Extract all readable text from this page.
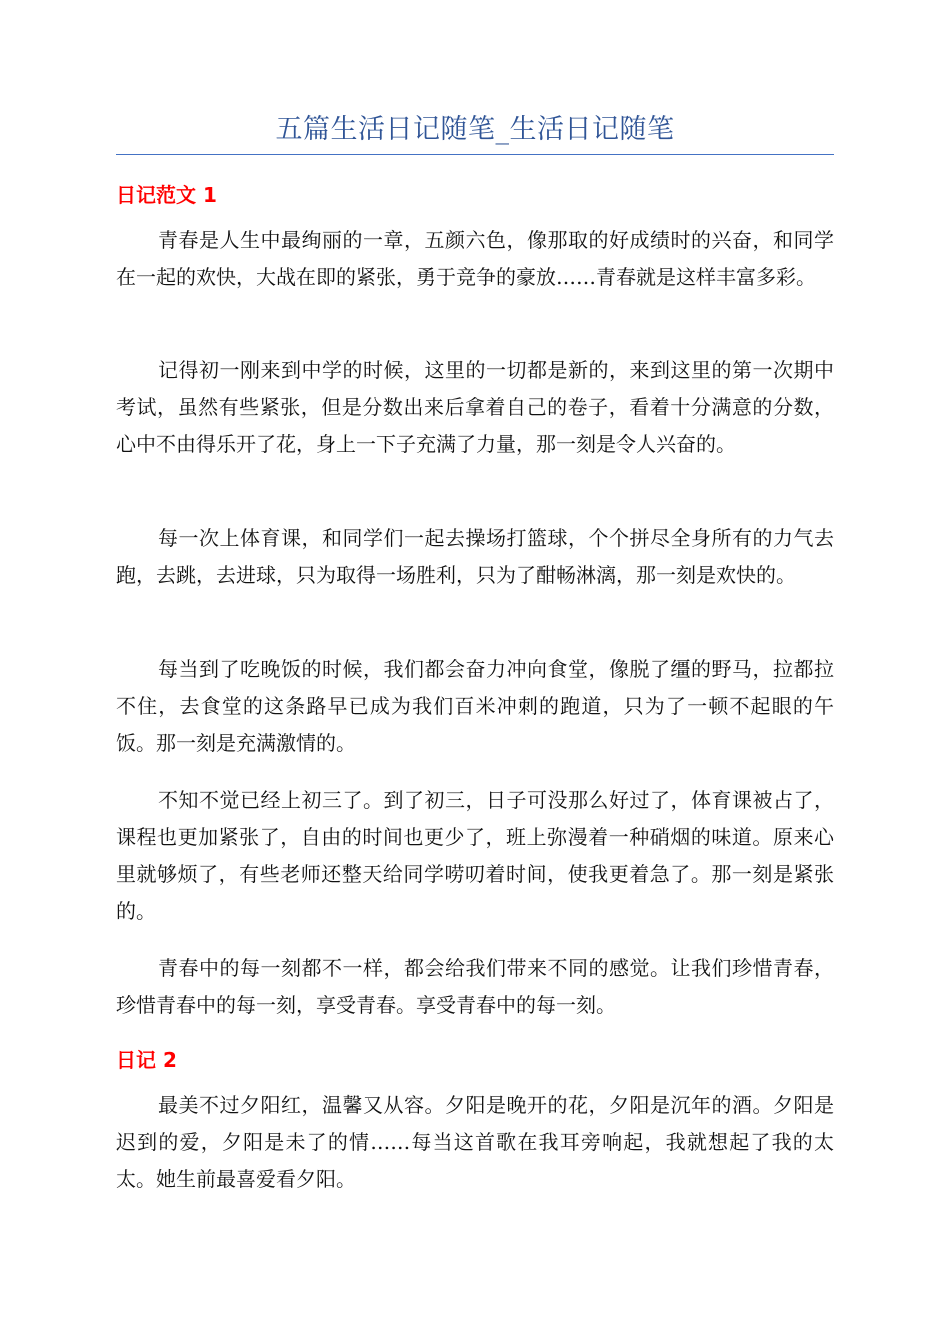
五篇生活日记随笔_生活日记随笔
日记范文 1

青春是人生中最绚丽的一章，五颜六色，像那取的好成绩时的兴奋，和同学在一起的欢快，大战在即的紧张，勇于竞争的豪放……青春就是这样丰富多彩。

记得初一刚来到中学的时候，这里的一切都是新的，来到这里的第一次期中考试，虽然有些紧张，但是分数出来后拿着自己的卷子，看着十分满意的分数，心中不由得乐开了花，身上一下子充满了力量，那一刻是令人兴奋的。

每一次上体育课，和同学们一起去操场打篮球，个个拼尽全身所有的力气去跑，去跳，去进球，只为取得一场胜利，只为了酣畅淋漓，那一刻是欢快的。

每当到了吃晚饭的时候，我们都会奋力冲向食堂，像脱了缰的野马，拉都拉不住，去食堂的这条路早已成为我们百米冲刺的跑道，只为了一顿不起眼的午饭。那一刻是充满激情的。

不知不觉已经上初三了。到了初三，日子可没那么好过了，体育课被占了，课程也更加紧张了，自由的时间也更少了，班上弥漫着一种硝烟的味道。原来心里就够烦了，有些老师还整天给同学唠叨着时间，使我更着急了。那一刻是紧张的。

青春中的每一刻都不一样，都会给我们带来不同的感觉。让我们珍惜青春，珍惜青春中的每一刻，享受青春。享受青春中的每一刻。

日记 2

最美不过夕阳红，温馨又从容。夕阳是晚开的花，夕阳是沉年的酒。夕阳是迟到的爱，夕阳是未了的情……每当这首歌在我耳旁响起，我就想起了我的太太。她生前最喜爱看夕阳。
